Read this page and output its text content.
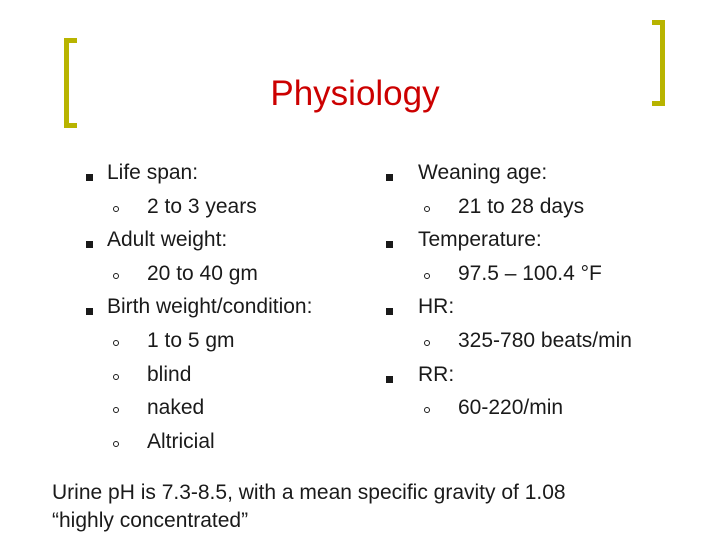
Physiology
Life span:
2 to 3 years
Adult weight:
20 to 40 gm
Birth weight/condition:
1 to 5 gm
blind
naked
Altricial
Weaning age:
21 to 28 days
Temperature:
97.5 – 100.4 °F
HR:
325-780 beats/min
RR:
60-220/min
Urine pH is 7.3-8.5, with a mean specific gravity of 1.08
“highly concentrated”
